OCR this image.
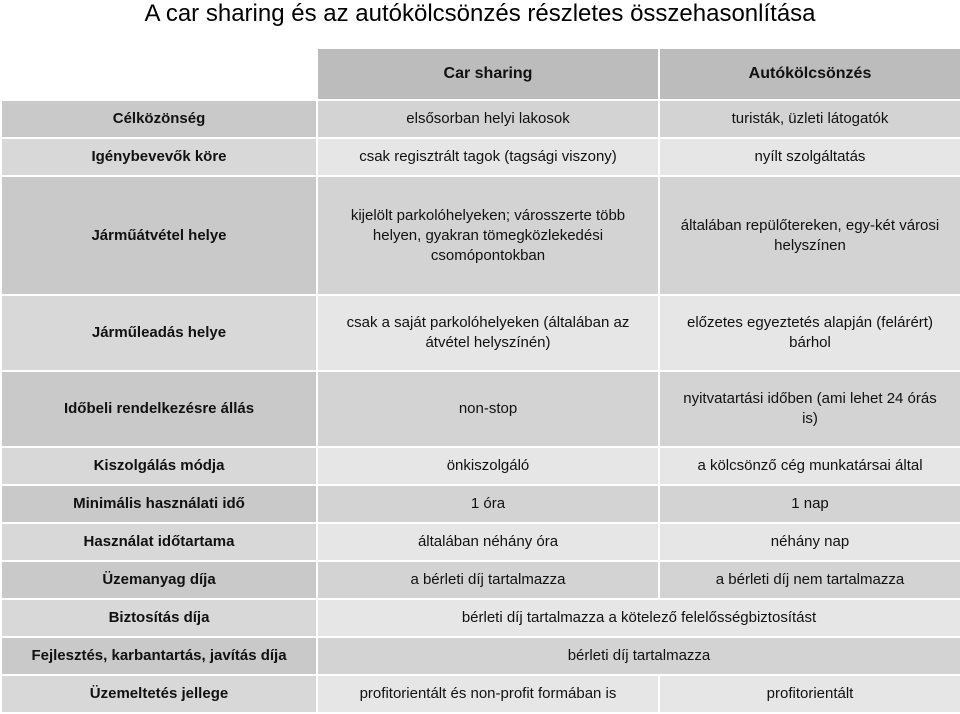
A car sharing és az autókölcsönzés részletes összehasonlítása
	Car sharing	Autókölcsönzés
Célközönség	elsősorban helyi lakosok	turisták, üzleti látogatók
Igénybevevők köre	csak regisztrált tagok (tagsági viszony)	nyílt szolgáltatás
Járműátvétel helye	kijelölt parkolóhelyeken; városszerte több helyen, gyakran tömegközlekedési csomópontokban	általában repülőtereken, egy-két városi helyszínen
Járműleadás helye	csak a saját parkolóhelyeken (általában az átvétel helyszínén)	előzetes egyeztetés alapján (felárért) bárhol
Időbeli rendelkezésre állás	non-stop	nyitvatartási időben (ami lehet 24 órás is)
Kiszolgálás módja	önkiszolgáló	a kölcsönző cég munkatársai által
Minimális használati idő	1 óra	1 nap
Használat időtartama	általában néhány óra	néhány nap
Üzemanyag díja	a bérleti díj tartalmazza	a bérleti díj nem tartalmazza
Biztosítás díja	bérleti díj tartalmazza a kötelező felelősségbiztosítást	
Fejlesztés, karbantartás, javítás díja	bérleti díj tartalmazza	
Üzemeltetés jellege	profitorientált és non-profit formában is	profitorientált
